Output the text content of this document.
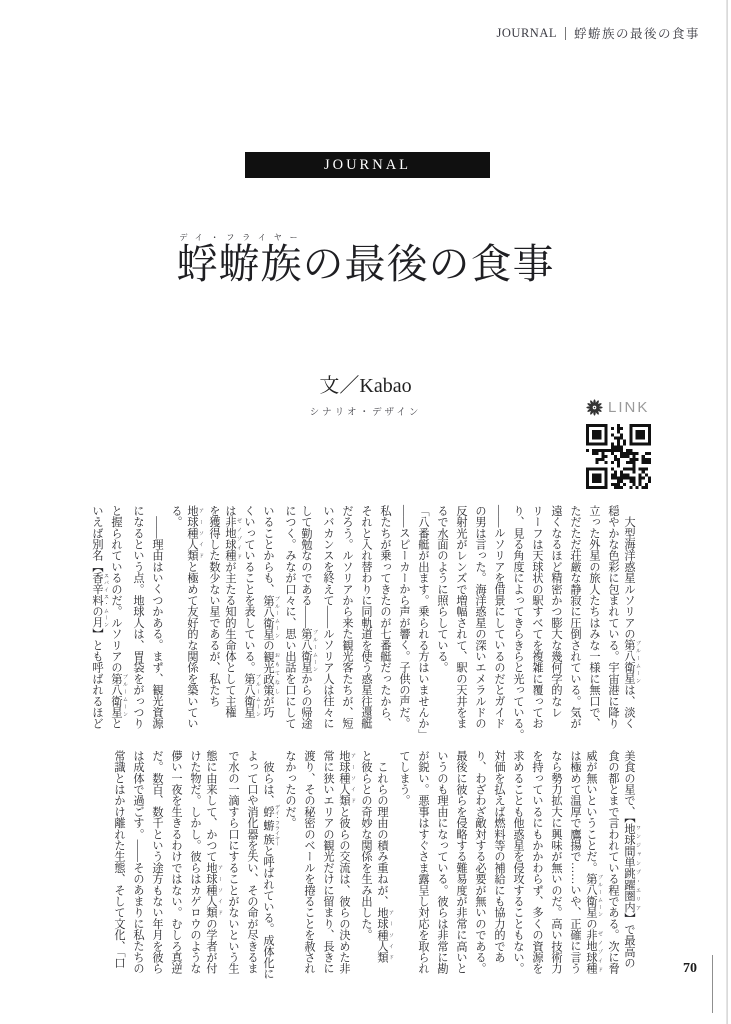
JOURNAL 蜉蝣族の最後の食事
JOURNAL
蜉蝣族デイ・フライヤーの最後の食事
文／Kabao
シナリオ・デザイン	LINK
　大型海洋惑星ルソリアの第八衛星 ブルームーンは、淡く
穏やかな色彩に包まれている。宇宙港に降り
立った外星の旅人たちはみな一様に無口で、
ただただ荘厳な静寂に圧倒されている。気が
遠くなるほど精密かつ膨大な幾何学的なレ
リーフは天球状の駅すべてを複雑に覆ってお
り、見る角度によってきらきらと光っている。
——ルソリアを借景にしているのだとガイド
の男は言った。海洋惑星の深いエメラルドの
反射光がレンズで増幅されて、駅の天井をま
るで水面のように照らしている。
「八番艇が出ます。乗られる方はいませんか」
——スピーカーから声が響く。子供の声だ。
私たちが乗ってきたのが七番艇だったから、
それと入れ替わりに同軌道を使う惑星往還艇
だろう。ルソリアから来た観光客たちが、短
いバカンスを終えて——ルソリア人は往々に
して勤勉なのである——第八衛星 ブルームーンからの帰途
につく。みなが口々に、思い出話を口にして
いることからも、第八衛星 ブルームーンの観光政策 おもてなしが巧
くいっていることを表している。第八衛星 ブルームーン
は非地球種 ゼノゾイドが主たる知的生命体として主権
を獲得した数少ない星であるが、私たち
地球種人類 アーソイドと極めて友好的な関係を築いてい
る。
　——理由はいくつかある。まず、観光資源
になるという点。地球人は、胃袋をがっつり
と握られているのだ。ルソリアの第八衛星 ブルームーンと
いえば別名【香辛料の月 スパイス・ムーン】とも呼ばれるほど
美食の星で、【地球間単跳躍圏内 ワンジャンプ・エリア】で最高の
食の都とまで言われている程である。次に脅
威が無いということだ。第八衛星 ブルームーンの非地球種 ゼノゾイド
は極めて温厚で鷹揚で……いや、正確に言う
なら勢力拡大に興味が無いのだ。高い技術力
を持っているにもかかわらず、多くの資源を
求めることも他惑星を侵攻することもない。
対価を払えば燃料等の補給にも協力的であ
り、わざわざ敵対する必要が無いのである。
最後に彼らを侵略する難易度が非常に高いと
いうのも理由になっている。彼らは非常に勘
が鋭い。悪事はすぐさま露呈し対応を取られ
てしまう。
　これらの理由の積み重ねが、地球種人類 アーソイド
と彼らとの奇妙な関係を生み出した。
地球種人類 アーソイドと彼らの交流は、彼らの決めた非
常に狭いエリアの観光だけに留まり、長きに
渡り、その秘密のベールを捲ることを赦され
なかったのだ。
　彼らは、蜉蝣族 デイ・フライヤーと呼ばれている。成体化に
よって口や消化器を失い、その命が尽きるま
で水の一滴すら口にすることがないという生
態に由来して、かつて地球種人類 アーソイドの学者が付
けた物だ。しかし。彼らはカゲロウのような
儚い一夜を生きるわけではない。むしろ真逆
だ。数百、数千という途方もない年月を彼ら
は成体で過ごす。——そのあまりに私たちの
常識とはかけ離れた生態、そして文化、「口
70
